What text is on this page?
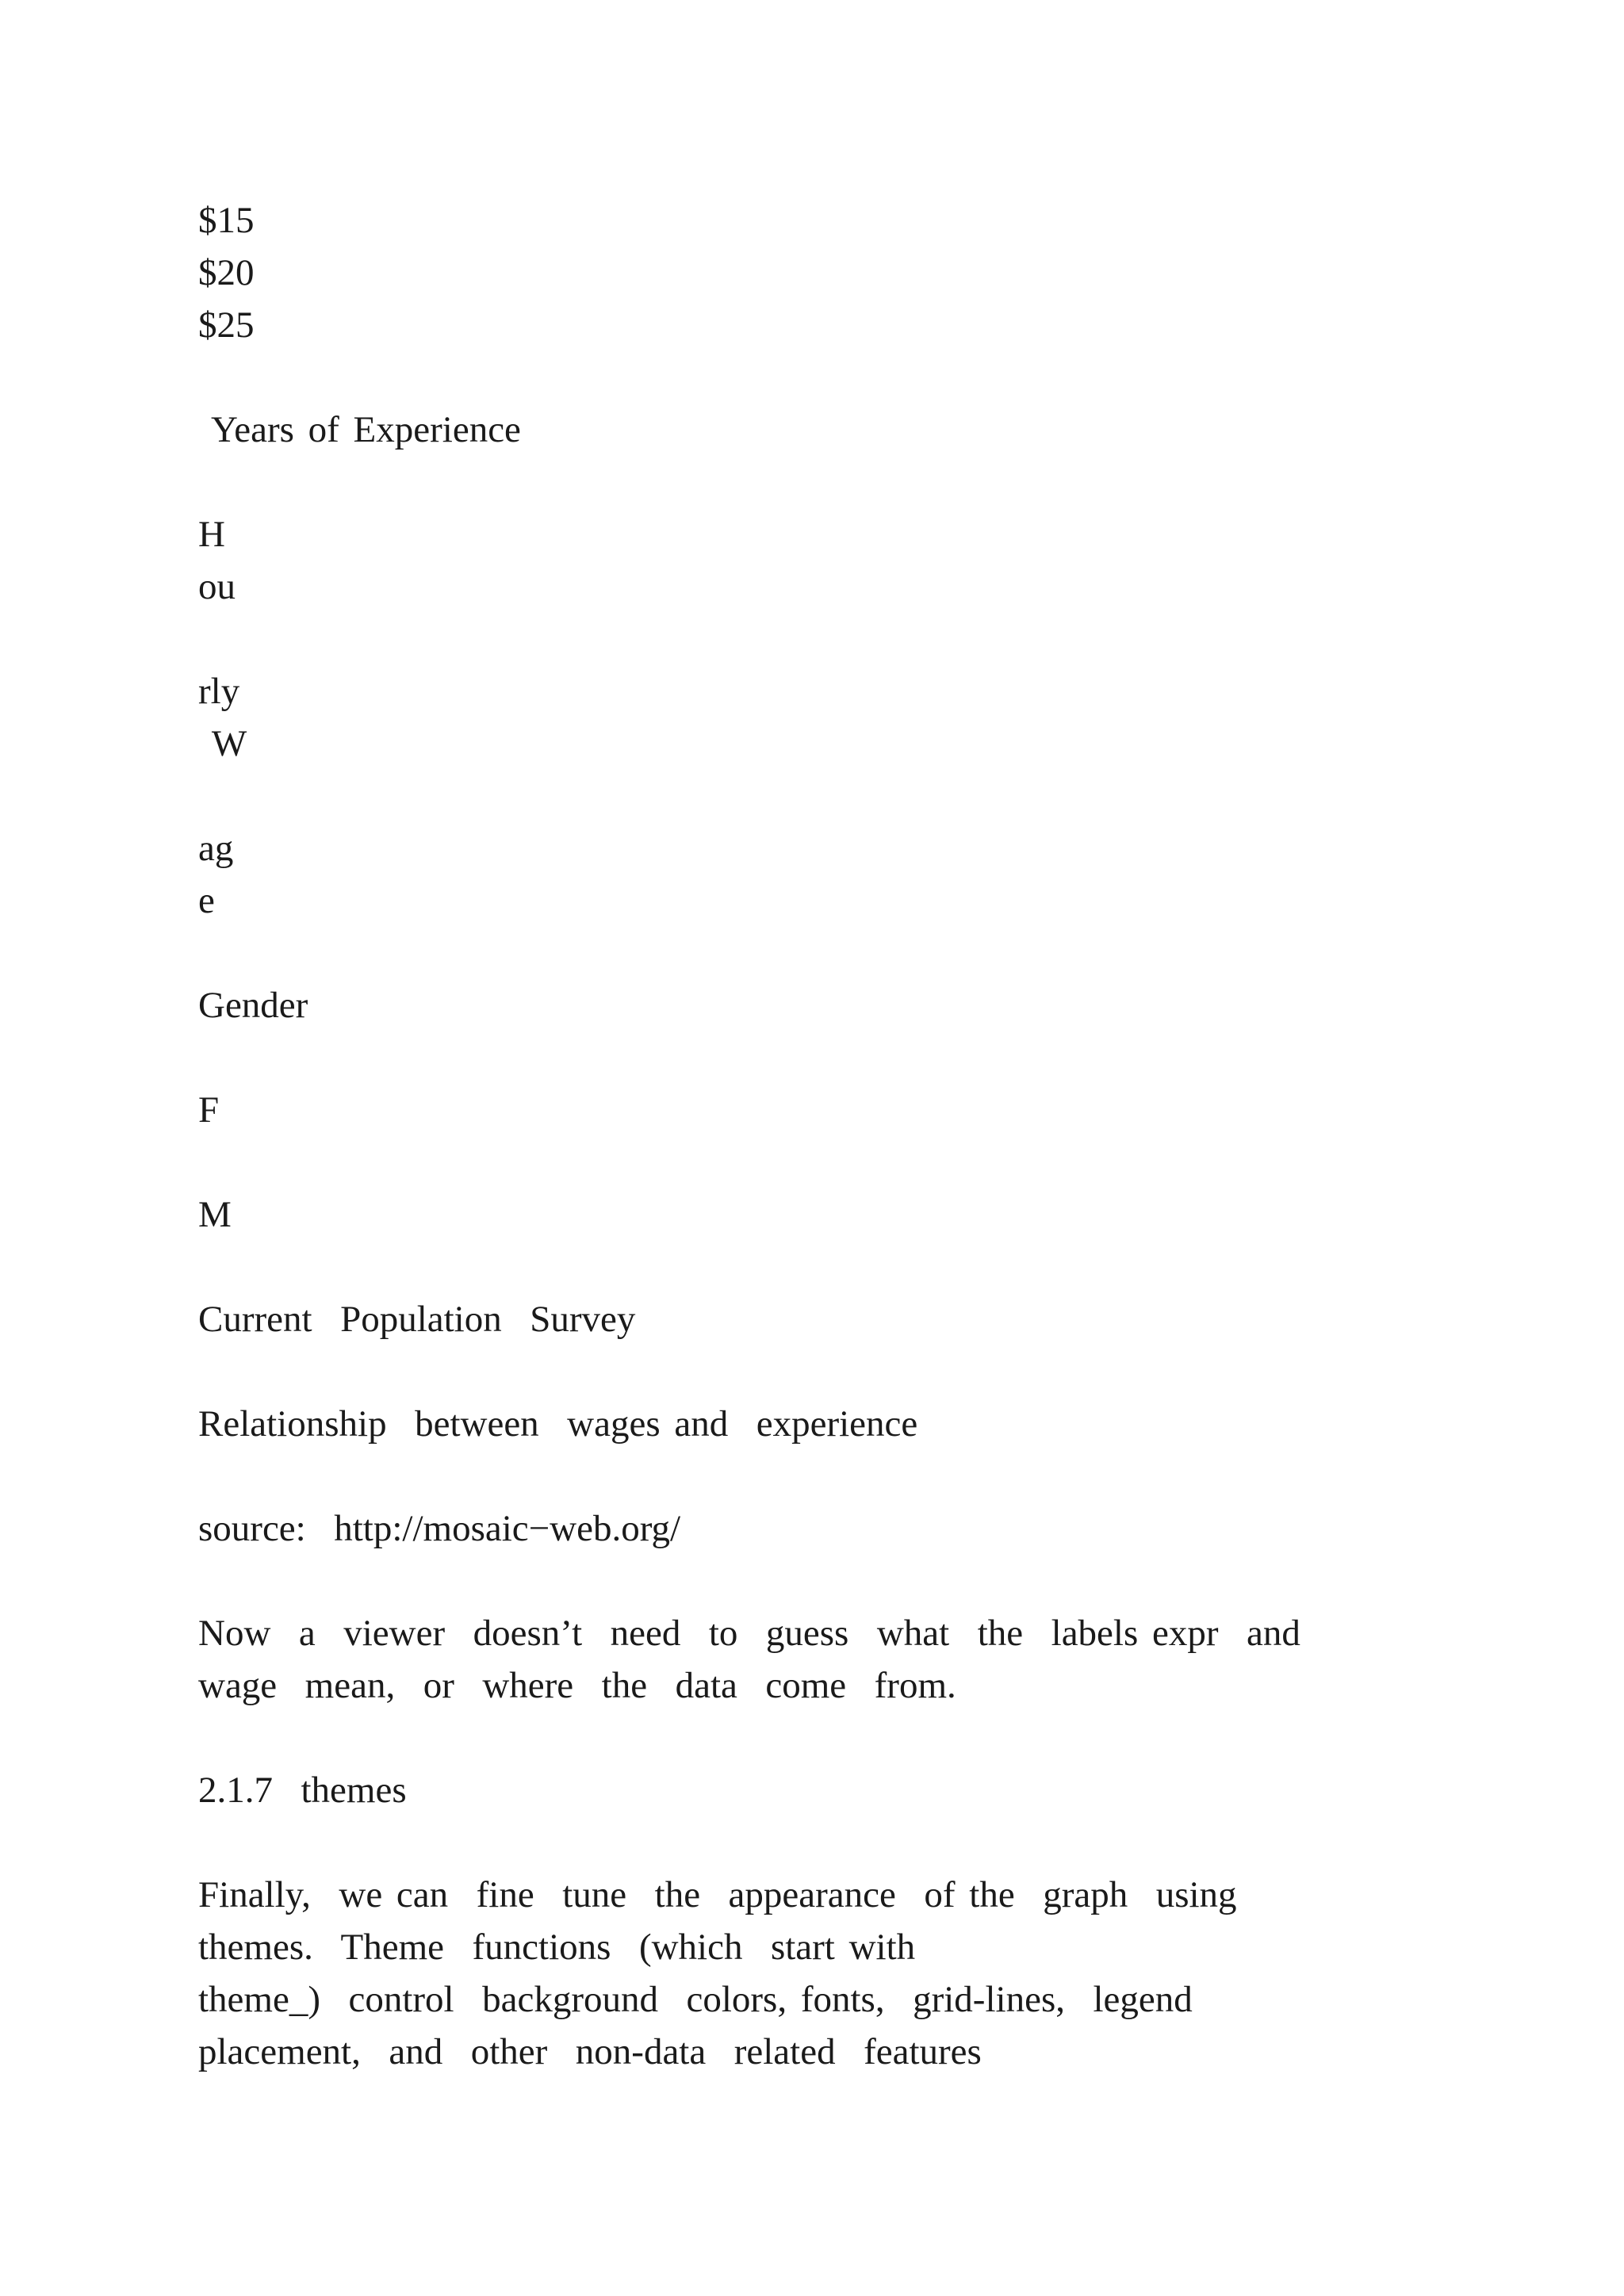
$15

$20

$25

Years of Experience

H

ou

rly

W

ag

e

Gender

F

M

Current  Population  Survey

Relationship  between  wages and  experience

source:  http://mosaic−web.org/

Now  a  viewer  doesn’t  need  to  guess  what  the  labels expr  and

wage  mean,  or  where  the  data  come  from.

2.1.7  themes

Finally,  we can  fine  tune  the  appearance  of the  graph  using

themes.  Theme  functions  (which  start with

theme_)  control  background  colors, fonts,  grid-lines,  legend

placement,  and  other  non-data  related  features
